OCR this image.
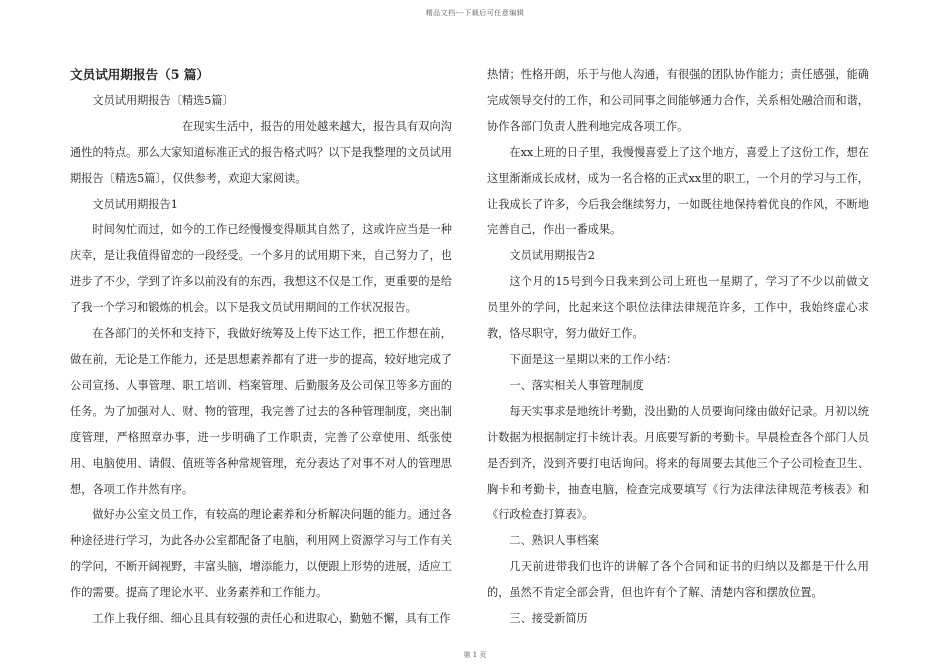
精品文档---下载后可任意编辑

文员试用期报告（5 篇）

文员试用期报告〔精选5篇〕

在现实生活中，报告的用处越来越大，报告具有双向沟通性的特点。那么大家知道标准正式的报告格式吗？以下是我整理的文员试用期报告〔精选5篇〕，仅供参考，欢迎大家阅读。

文员试用期报告1

时间匆忙而过，如今的工作已经慢慢变得顺其自然了，这或许应当是一种庆幸，是让我值得留恋的一段经受。一个多月的试用期下来，自己努力了，也进步了不少，学到了许多以前没有的东西，我想这不仅是工作，更重要的是给了我一个学习和锻炼的机会。以下是我文员试用期间的工作状况报告。

在各部门的关怀和支持下，我做好统筹及上传下达工作，把工作想在前，做在前，无论是工作能力，还是思想素养都有了进一步的提高，较好地完成了公司宣扬、人事管理、职工培训、档案管理、后勤服务及公司保卫等多方面的任务。为了加强对人、财、物的管理，我完善了过去的各种管理制度，突出制度管理，严格照章办事，进一步明确了工作职责，完善了公章使用、纸张使用、电脑使用、请假、值班等各种常规管理，充分表达了对事不对人的管理思想，各项工作井然有序。

做好办公室文员工作，有较高的理论素养和分析解决问题的能力。通过各种途径进行学习，为此各办公室都配备了电脑，利用网上资源学习与工作有关的学问，不断开阔视野，丰富头脑，增添能力，以便跟上形势的进展，适应工作的需要。提高了理论水平、业务素养和工作能力。

工作上我仔细、细心且具有较强的责任心和进取心，勤勉不懈，具有工作

热情；性格开朗，乐于与他人沟通，有很强的团队协作能力；责任感强，能确完成领导交付的工作，和公司同事之间能够通力合作，关系相处融洽而和谐，协作各部门负责人胜利地完成各项工作。

在xx上班的日子里，我慢慢喜爱上了这个地方，喜爱上了这份工作，想在这里渐渐成长成材，成为一名合格的正式xx里的职工，一个月的学习与工作，让我成长了许多，今后我会继续努力，一如既往地保持着优良的作风，不断地完善自己，作出一番成果。

文员试用期报告2

这个月的15号到今日我来到公司上班也一星期了，学习了不少以前做文员里外的学问，比起来这个职位法律法律规范许多，工作中，我始终虚心求教，恪尽职守，努力做好工作。

下面是这一星期以来的工作小结：

一、落实相关人事管理制度

每天实事求是地统计考勤，没出勤的人员要询问缘由做好记录。月初以统计数据为根据制定打卡统计表。月底要写新的考勤卡。早晨检查各个部门人员是否到齐，没到齐要打电话询问。将来的每周要去其他三个子公司检查卫生、胸卡和考勤卡，抽查电脑，检查完成要填写《行为法律法律规范考核表》和《行政检查打算表》。

二、熟识人事档案

几天前进带我们也许的讲解了各个合同和证书的归纳以及都是干什么用的，虽然不肯定全部会背，但也许有个了解、清楚内容和摆放位置。

三、接受新简历

第 1 页
